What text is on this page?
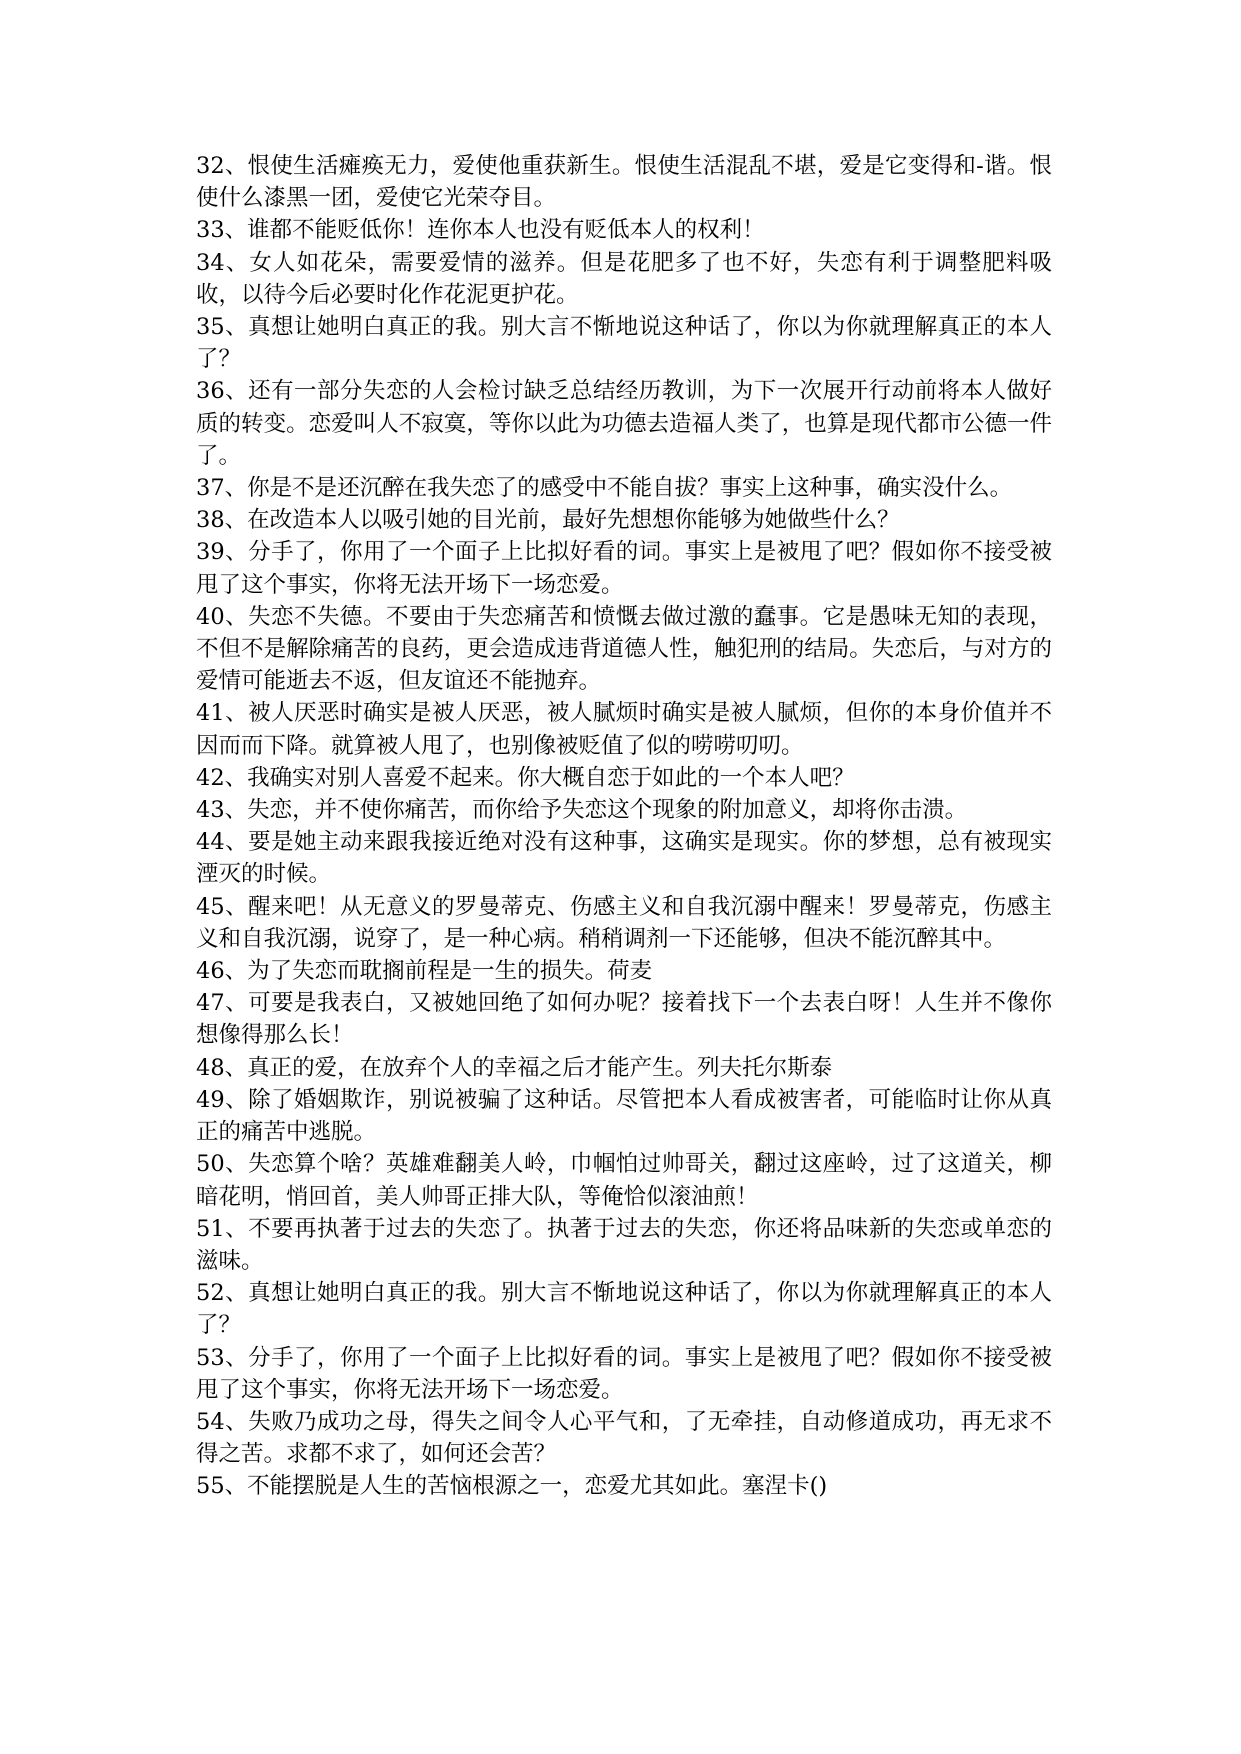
32、恨使生活瘫痪无力，爱使他重获新生。恨使生活混乱不堪，爱是它变得和-谐。恨使什么漆黑一团，爱使它光荣夺目。

33、谁都不能贬低你！连你本人也没有贬低本人的权利！

34、女人如花朵，需要爱情的滋养。但是花肥多了也不好，失恋有利于调整肥料吸收，以待今后必要时化作花泥更护花。

35、真想让她明白真正的我。别大言不惭地说这种话了，你以为你就理解真正的本人了？

36、还有一部分失恋的人会检讨缺乏总结经历教训，为下一次展开行动前将本人做好质的转变。恋爱叫人不寂寞，等你以此为功德去造福人类了，也算是现代都市公德一件了。

37、你是不是还沉醉在我失恋了的感受中不能自拔？事实上这种事，确实没什么。

38、在改造本人以吸引她的目光前，最好先想想你能够为她做些什么？

39、分手了，你用了一个面子上比拟好看的词。事实上是被甩了吧？假如你不接受被甩了这个事实，你将无法开场下一场恋爱。

40、失恋不失德。不要由于失恋痛苦和愤慨去做过激的蠢事。它是愚味无知的表现，不但不是解除痛苦的良药，更会造成违背道德人性，触犯刑的结局。失恋后，与对方的爱情可能逝去不返，但友谊还不能抛弃。

41、被人厌恶时确实是被人厌恶，被人腻烦时确实是被人腻烦，但你的本身价值并不因而而下降。就算被人甩了，也别像被贬值了似的唠唠叨叨。

42、我确实对别人喜爱不起来。你大概自恋于如此的一个本人吧？

43、失恋，并不使你痛苦，而你给予失恋这个现象的附加意义，却将你击溃。

44、要是她主动来跟我接近绝对没有这种事，这确实是现实。你的梦想，总有被现实湮灭的时候。

45、醒来吧！从无意义的罗曼蒂克、伤感主义和自我沉溺中醒来！罗曼蒂克，伤感主义和自我沉溺，说穿了，是一种心病。稍稍调剂一下还能够，但决不能沉醉其中。

46、为了失恋而耽搁前程是一生的损失。荷麦

47、可要是我表白，又被她回绝了如何办呢？接着找下一个去表白呀！人生并不像你想像得那么长！

48、真正的爱，在放弃个人的幸福之后才能产生。列夫托尔斯泰

49、除了婚姻欺诈，别说被骗了这种话。尽管把本人看成被害者，可能临时让你从真正的痛苦中逃脱。

50、失恋算个啥？英雄难翻美人岭，巾帼怕过帅哥关，翻过这座岭，过了这道关，柳暗花明，悄回首，美人帅哥正排大队，等俺恰似滚油煎！

51、不要再执著于过去的失恋了。执著于过去的失恋，你还将品味新的失恋或单恋的滋味。

52、真想让她明白真正的我。别大言不惭地说这种话了，你以为你就理解真正的本人了？

53、分手了，你用了一个面子上比拟好看的词。事实上是被甩了吧？假如你不接受被甩了这个事实，你将无法开场下一场恋爱。

54、失败乃成功之母，得失之间令人心平气和，了无牵挂，自动修道成功，再无求不得之苦。求都不求了，如何还会苦？

55、不能摆脱是人生的苦恼根源之一，恋爱尤其如此。塞涅卡()
